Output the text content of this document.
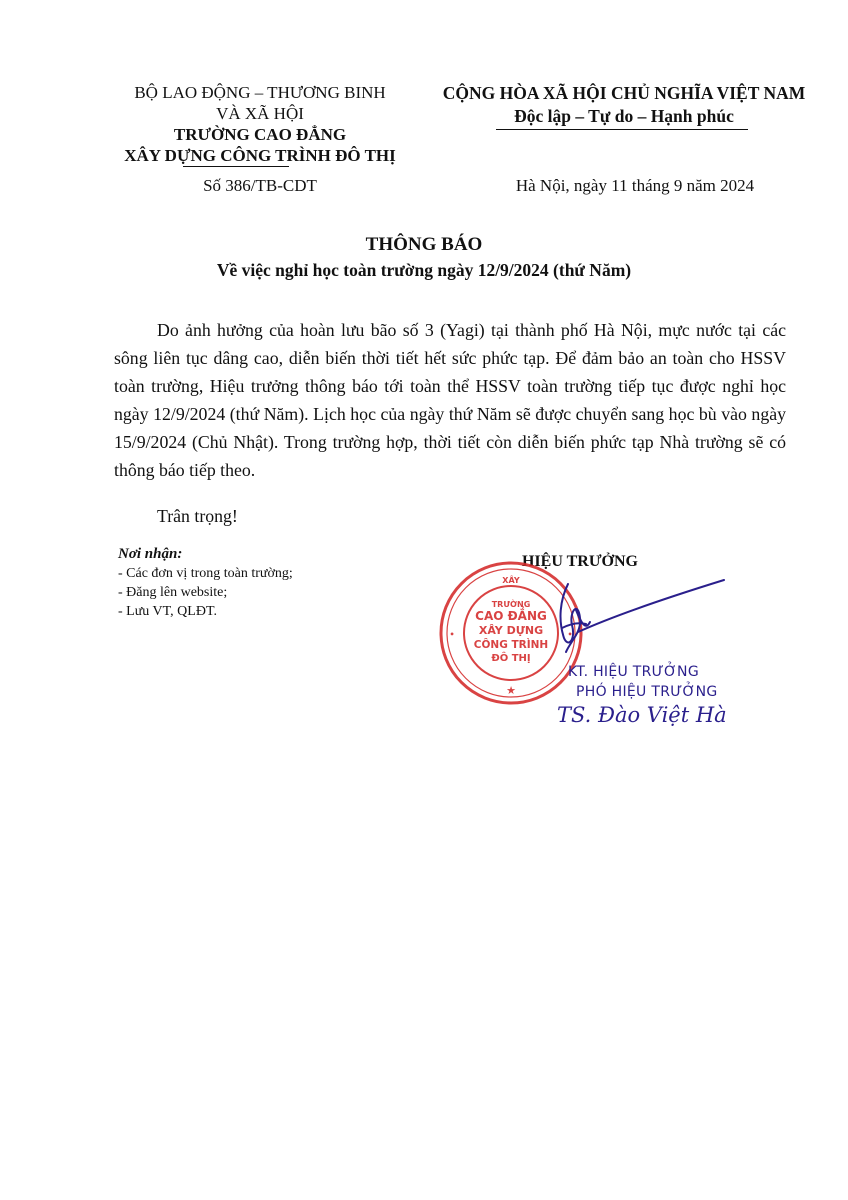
BỘ LAO ĐỘNG – THƯƠNG BINH
VÀ XÃ HỘI
TRƯỜNG CAO ĐẲNG
XÂY DỰNG CÔNG TRÌNH ĐÔ THỊ
CỘNG HÒA XÃ HỘI CHỦ NGHĨA VIỆT NAM
Độc lập – Tự do – Hạnh phúc
Số 386/TB-CDT	Hà Nội, ngày 11 tháng 9 năm 2024
THÔNG BÁO
Về việc nghỉ học toàn trường ngày 12/9/2024 (thứ Năm)

Do ảnh hưởng của hoàn lưu bão số 3 (Yagi) tại thành phố Hà Nội, mực nước tại các sông liên tục dâng cao, diễn biến thời tiết hết sức phức tạp. Để đảm bảo an toàn cho HSSV toàn trường, Hiệu trưởng thông báo tới toàn thể HSSV toàn trường tiếp tục được nghỉ học ngày 12/9/2024 (thứ Năm). Lịch học của ngày thứ Năm sẽ được chuyển sang học bù vào ngày 15/9/2024 (Chủ Nhật). Trong trường hợp, thời tiết còn diễn biến phức tạp Nhà trường sẽ có thông báo tiếp theo.

Trân trọng!
Nơi nhận:
- Các đơn vị trong toàn trường;
- Đăng lên website;
- Lưu VT, QLĐT.
HIỆU TRƯỞNG
XÂY
TRƯỜNG
CAO ĐẲNG
XÂY DỰNG
CÔNG TRÌNH
ĐÔ THỊ
★
•	•
KT. HIỆU TRƯỞNG
PHÓ HIỆU TRƯỞNG
TS. Đào Việt Hà
